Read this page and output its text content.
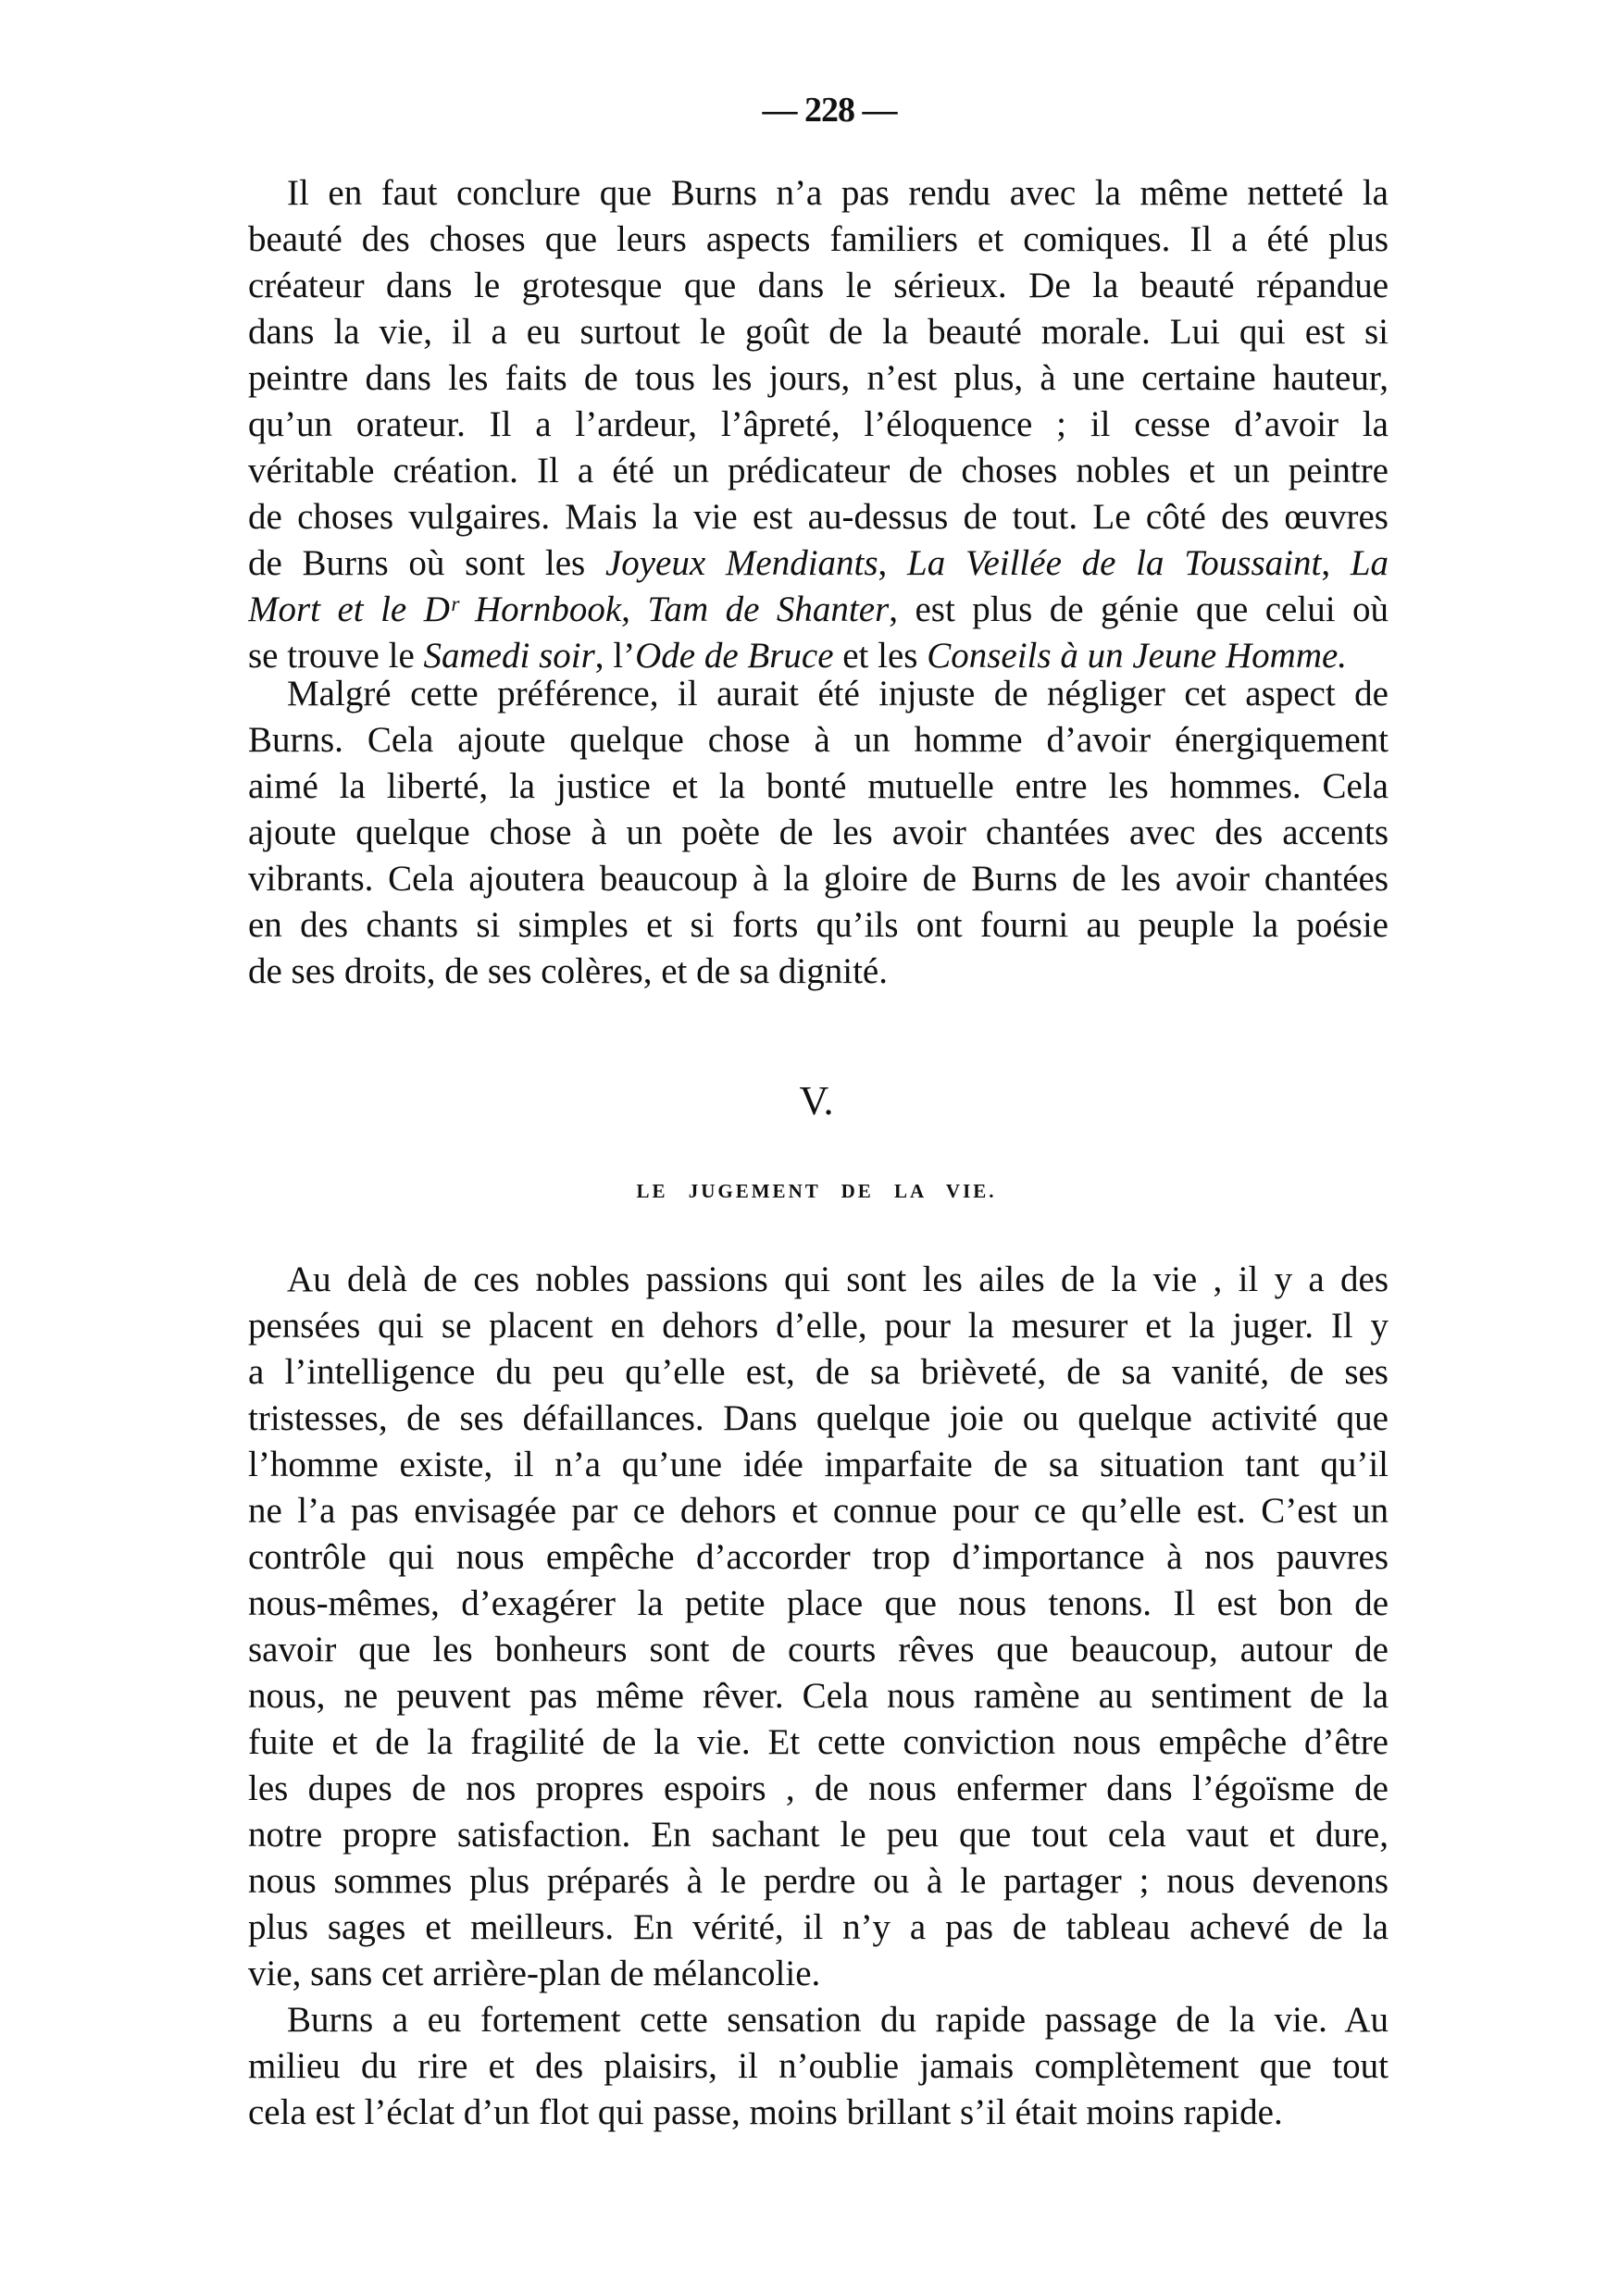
— 228 —
Il en faut conclure que Burns n’a pas rendu avec la même netteté la
beauté des choses que leurs aspects familiers et comiques. Il a été plus
créateur dans le grotesque que dans le sérieux. De la beauté répandue
dans la vie, il a eu surtout le goût de la beauté morale. Lui qui est si
peintre dans les faits de tous les jours, n’est plus, à une certaine hauteur,
qu’un orateur. Il a l’ardeur, l’âpreté, l’éloquence ; il cesse d’avoir la
véritable création. Il a été un prédicateur de choses nobles et un peintre
de choses vulgaires. Mais la vie est au-dessus de tout. Le côté des œuvres
de Burns où sont les Joyeux Mendiants, La Veillée de la Toussaint, La
Mort et le Dʳ Hornbook, Tam de Shanter, est plus de génie que celui où
se trouve le Samedi soir, l’Ode de Bruce et les Conseils à un Jeune Homme.
Malgré cette préférence, il aurait été injuste de négliger cet aspect de
Burns. Cela ajoute quelque chose à un homme d’avoir énergiquement
aimé la liberté, la justice et la bonté mutuelle entre les hommes. Cela
ajoute quelque chose à un poète de les avoir chantées avec des accents
vibrants. Cela ajoutera beaucoup à la gloire de Burns de les avoir chantées
en des chants si simples et si forts qu’ils ont fourni au peuple la poésie
de ses droits, de ses colères, et de sa dignité.
V.
LE JUGEMENT DE LA VIE.
Au delà de ces nobles passions qui sont les ailes de la vie , il y a des
pensées qui se placent en dehors d’elle, pour la mesurer et la juger. Il y
a l’intelligence du peu qu’elle est, de sa brièveté, de sa vanité, de ses
tristesses, de ses défaillances. Dans quelque joie ou quelque activité que
l’homme existe, il n’a qu’une idée imparfaite de sa situation tant qu’il
ne l’a pas envisagée par ce dehors et connue pour ce qu’elle est. C’est un
contrôle qui nous empêche d’accorder trop d’importance à nos pauvres
nous-mêmes, d’exagérer la petite place que nous tenons. Il est bon de
savoir que les bonheurs sont de courts rêves que beaucoup, autour de
nous, ne peuvent pas même rêver. Cela nous ramène au sentiment de la
fuite et de la fragilité de la vie. Et cette conviction nous empêche d’être
les dupes de nos propres espoirs , de nous enfermer dans l’égoïsme de
notre propre satisfaction. En sachant le peu que tout cela vaut et dure,
nous sommes plus préparés à le perdre ou à le partager ; nous devenons
plus sages et meilleurs. En vérité, il n’y a pas de tableau achevé de la
vie, sans cet arrière-plan de mélancolie.
Burns a eu fortement cette sensation du rapide passage de la vie. Au
milieu du rire et des plaisirs, il n’oublie jamais complètement que tout
cela est l’éclat d’un flot qui passe, moins brillant s’il était moins rapide.
